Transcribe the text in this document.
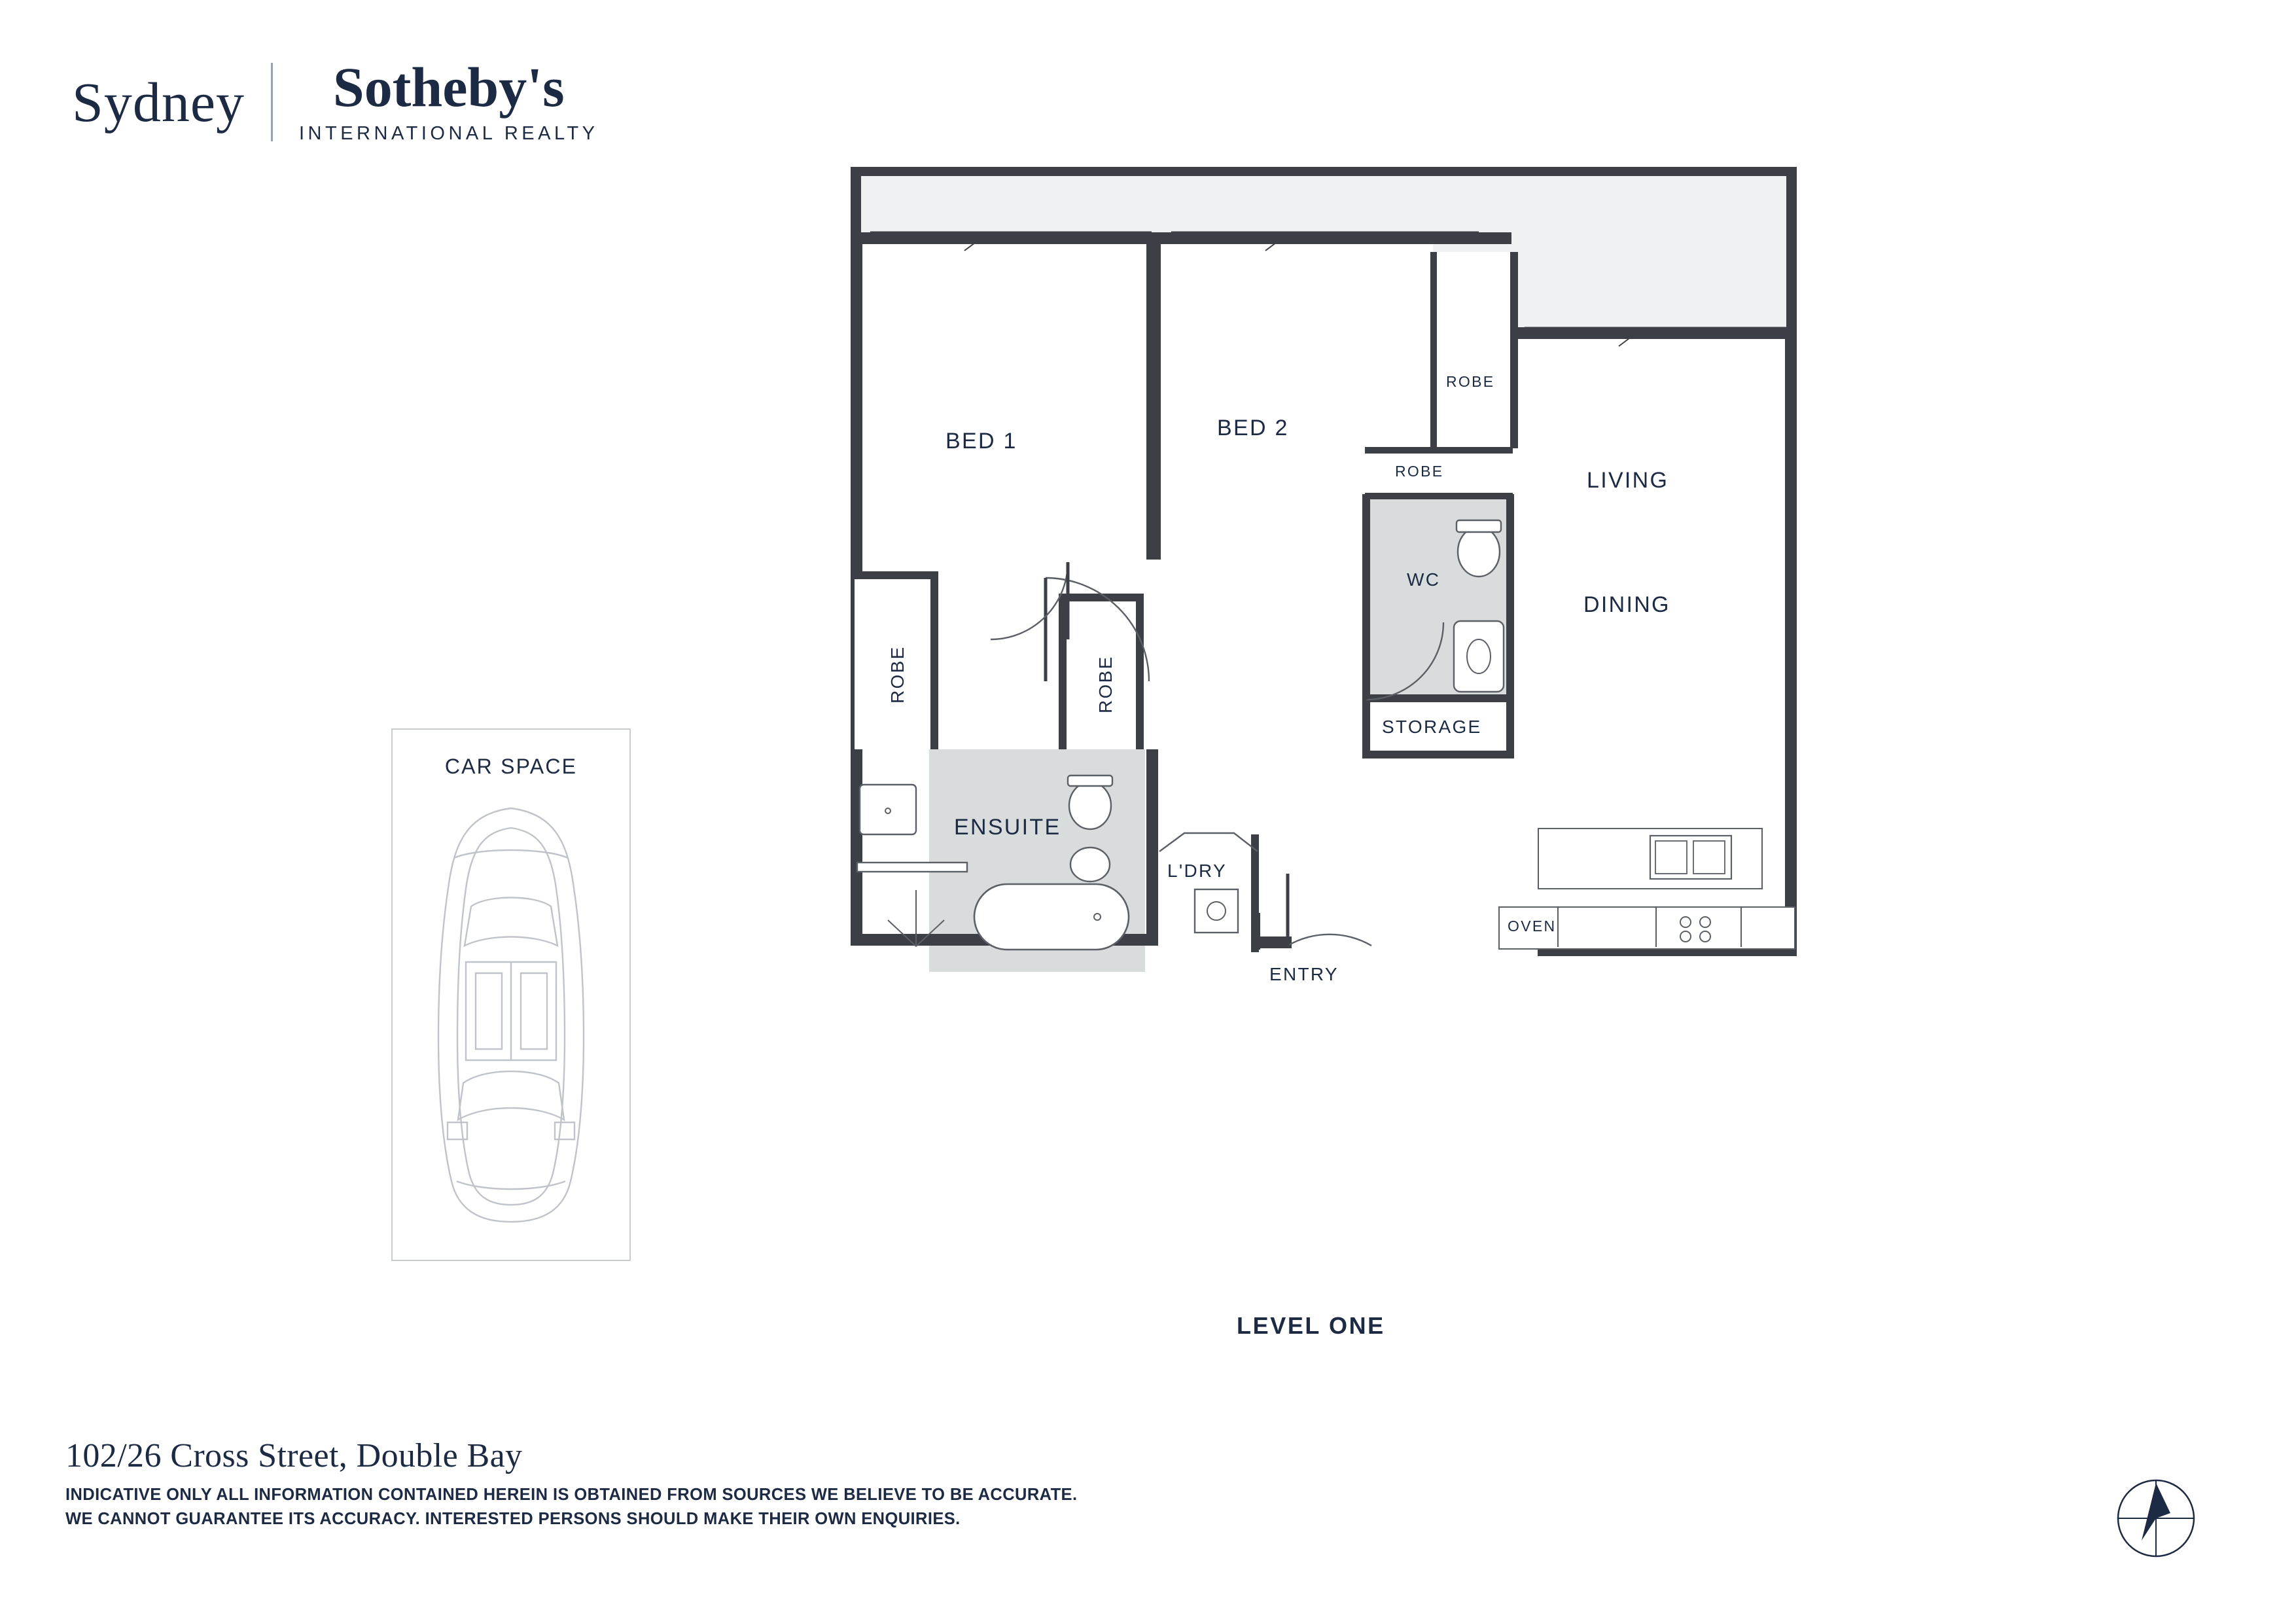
Sydney Sotheby's
INTERNATIONAL REALTY
CAR SPACE
BED 1
BED 2
LIVING
DINING
ROBE
ROBE
ROBE	ROBE
WC
STORAGE
ENSUITE
L'DRY
ENTRY
OVEN
LEVEL ONE
102/26 Cross Street, Double Bay
INDICATIVE ONLY ALL INFORMATION CONTAINED HEREIN IS OBTAINED FROM SOURCES WE BELIEVE TO BE ACCURATE.
WE CANNOT GUARANTEE ITS ACCURACY. INTERESTED PERSONS SHOULD MAKE THEIR OWN ENQUIRIES.
